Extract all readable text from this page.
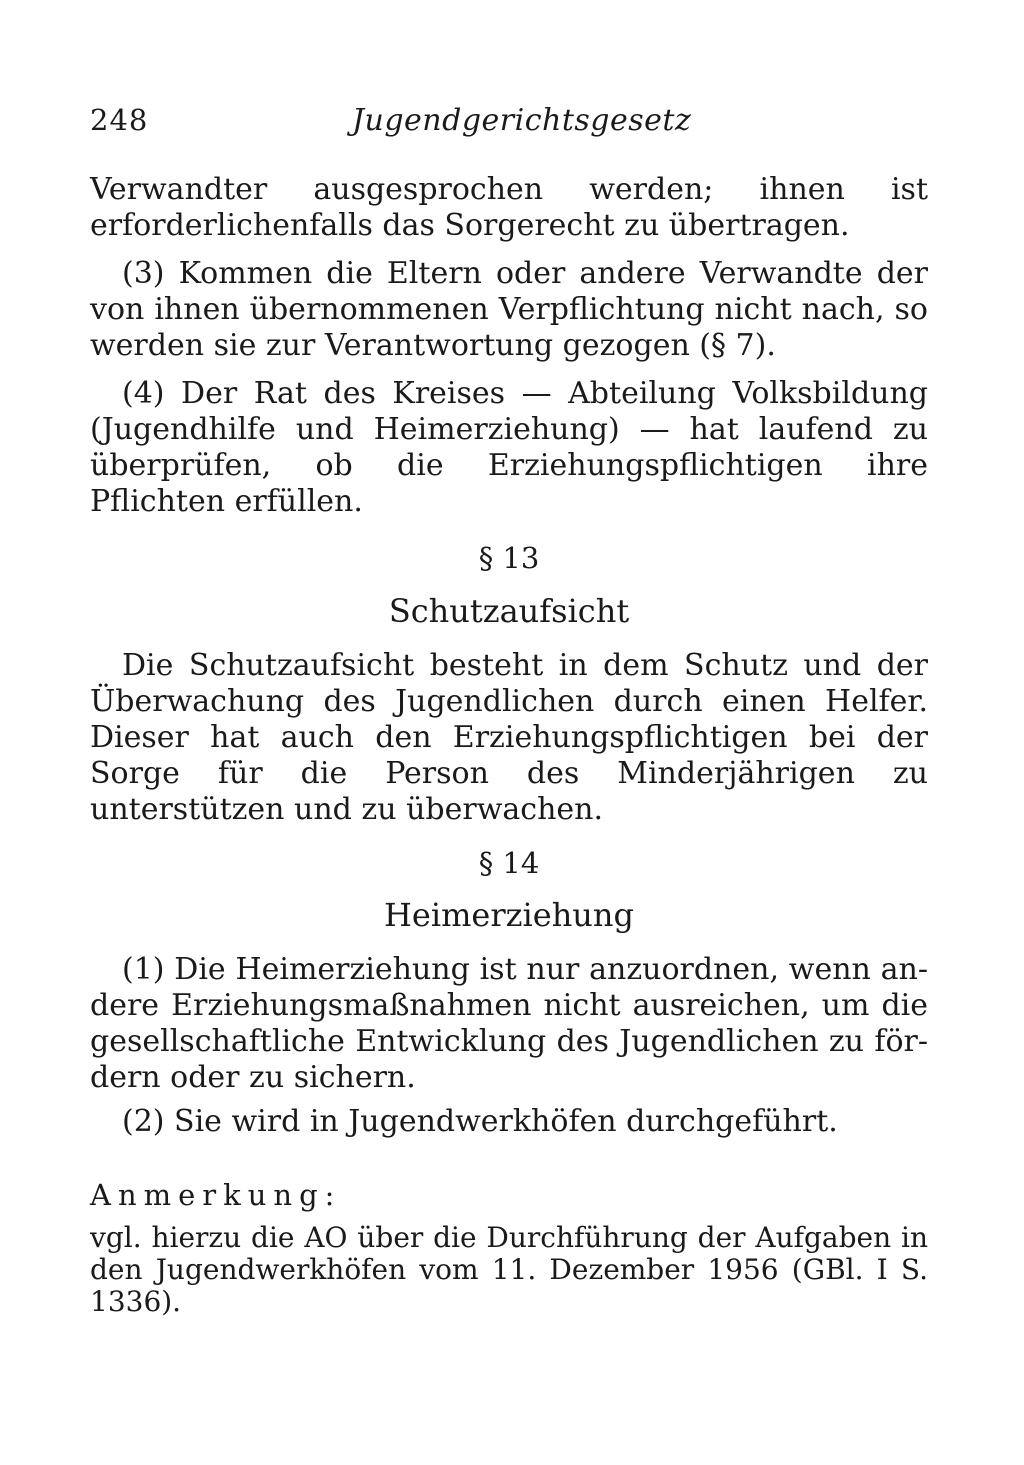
248	Jugendgerichtsgesetz

Verwandter ausgesprochen werden; ihnen ist erforderlichenfalls das Sorgerecht zu übertragen.

(3) Kommen die Eltern oder andere Verwandte der von ihnen übernommenen Verpflichtung nicht nach, so werden sie zur Verantwortung gezogen (§ 7).

(4) Der Rat des Kreises — Abteilung Volksbildung (Jugendhilfe und Heimerziehung) — hat laufend zu überprüfen, ob die Erziehungspflichtigen ihre Pflichten erfüllen.

§ 13

Schutzaufsicht

Die Schutzaufsicht besteht in dem Schutz und der Überwachung des Jugendlichen durch einen Helfer. Dieser hat auch den Erziehungspflichtigen bei der Sorge für die Person des Minderjährigen zu unterstützen und zu überwachen.

§ 14

Heimerziehung

(1) Die Heimerziehung ist nur anzuordnen, wenn andere Erziehungsmaßnahmen nicht ausreichen, um die gesellschaftliche Entwicklung des Jugendlichen zu fördern oder zu sichern.

(2) Sie wird in Jugendwerkhöfen durchgeführt.

Anmerkung:

vgl. hierzu die AO über die Durchführung der Aufgaben in den Jugendwerkhöfen vom 11. Dezember 1956 (GBl. I S. 1336).
